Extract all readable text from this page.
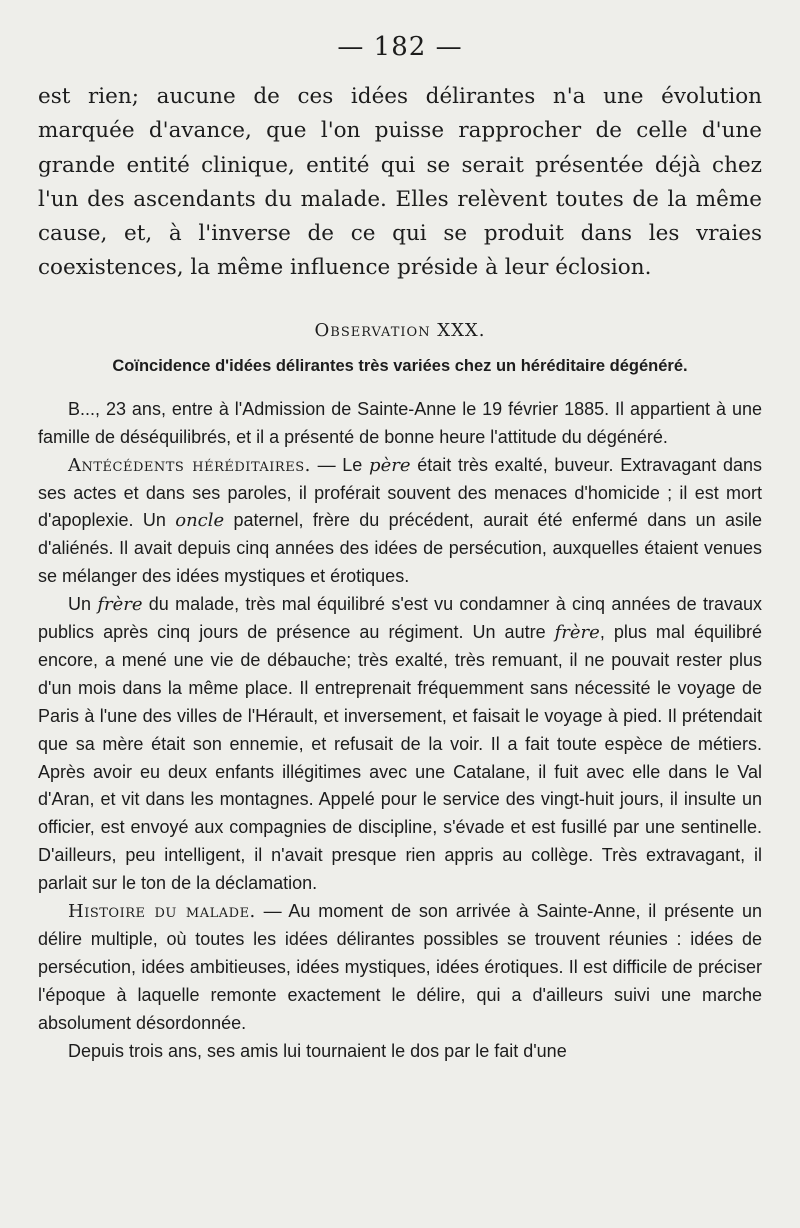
— 182 —

est rien; aucune de ces idées délirantes n'a une évolution marquée d'avance, que l'on puisse rapprocher de celle d'une grande entité clinique, entité qui se serait présentée déjà chez l'un des ascendants du malade. Elles relèvent toutes de la même cause, et, à l'inverse de ce qui se produit dans les vraies coexistences, la même influence préside à leur éclosion.

Observation XXX.
Coïncidence d'idées délirantes très variées chez un héréditaire dégénéré.

B..., 23 ans, entre à l'Admission de Sainte-Anne le 19 février 1885. Il appartient à une famille de déséquilibrés, et il a présenté de bonne heure l'attitude du dégénéré.

Antécédents héréditaires. — Le père était très exalté, buveur. Extravagant dans ses actes et dans ses paroles, il proférait souvent des menaces d'homicide ; il est mort d'apoplexie. Un oncle paternel, frère du précédent, aurait été enfermé dans un asile d'aliénés. Il avait depuis cinq années des idées de persécution, auxquelles étaient venues se mélanger des idées mystiques et érotiques.

Un frère du malade, très mal équilibré s'est vu condamner à cinq années de travaux publics après cinq jours de présence au régiment. Un autre frère, plus mal équilibré encore, a mené une vie de débauche; très exalté, très remuant, il ne pouvait rester plus d'un mois dans la même place. Il entreprenait fréquemment sans nécessité le voyage de Paris à l'une des villes de l'Hérault, et inversement, et faisait le voyage à pied. Il prétendait que sa mère était son ennemie, et refusait de la voir. Il a fait toute espèce de métiers. Après avoir eu deux enfants illégitimes avec une Catalane, il fuit avec elle dans le Val d'Aran, et vit dans les montagnes. Appelé pour le service des vingt-huit jours, il insulte un officier, est envoyé aux compagnies de discipline, s'évade et est fusillé par une sentinelle. D'ailleurs, peu intelligent, il n'avait presque rien appris au collège. Très extravagant, il parlait sur le ton de la déclamation.

Histoire du malade. — Au moment de son arrivée à Sainte-Anne, il présente un délire multiple, où toutes les idées délirantes possibles se trouvent réunies : idées de persécution, idées ambitieuses, idées mystiques, idées érotiques. Il est difficile de préciser l'époque à laquelle remonte exactement le délire, qui a d'ailleurs suivi une marche absolument désordonnée.

Depuis trois ans, ses amis lui tournaient le dos par le fait d'une
